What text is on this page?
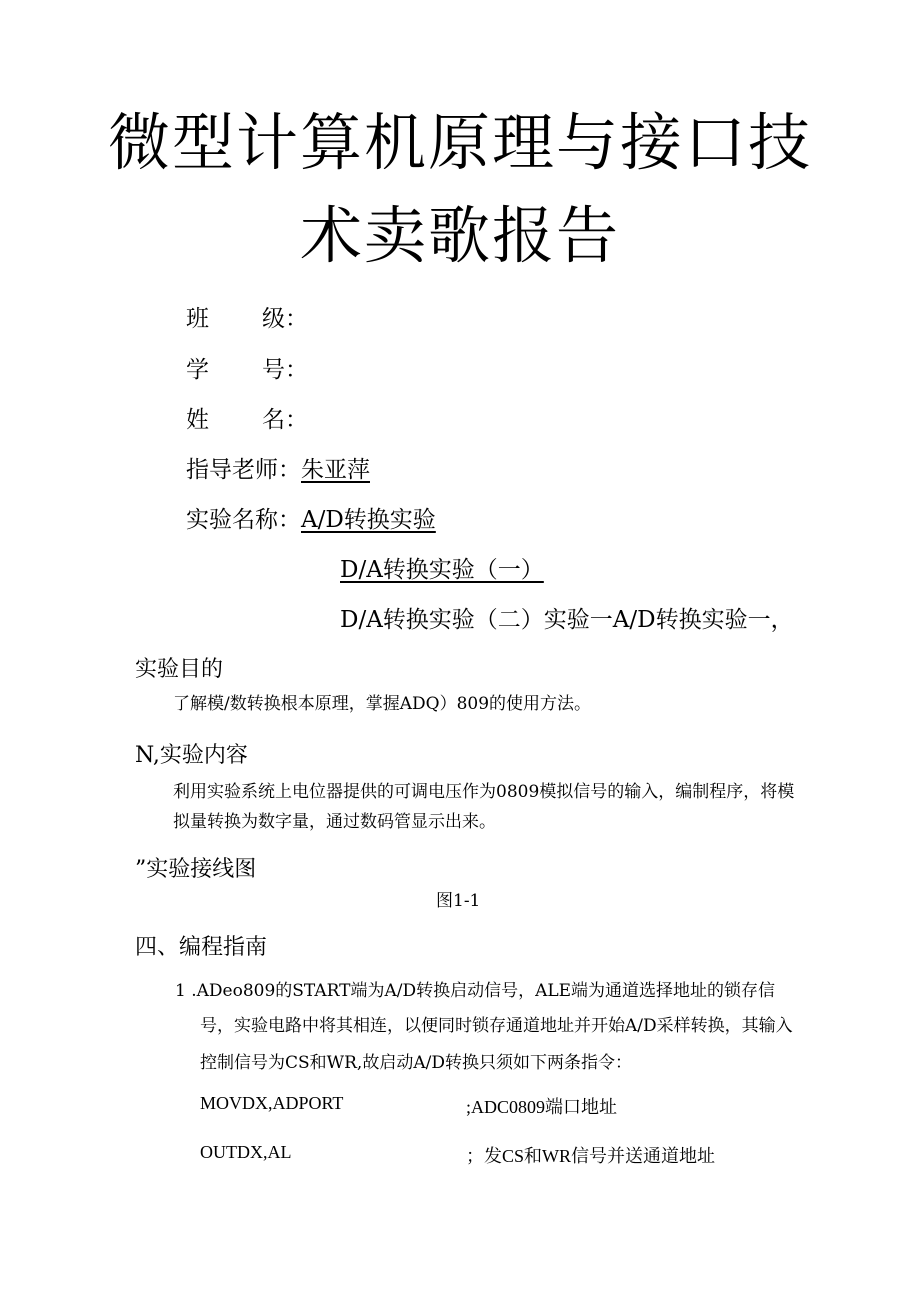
微型计算机原理与接口技
术卖歌报告
班 级：
学 号：
姓 名：
指导老师：朱亚萍
实验名称：A/D转换实验
D/A转换实验（一）
D/A转换实验（二）实验一A/D转换实验一，
实验目的
了解模/数转换根本原理，掌握ADQ）809的使用方法。
N,实验内容
利用实验系统上电位器提供的可调电压作为0809模拟信号的输入，编制程序，将模
拟量转换为数字量，通过数码管显示出来。
”实验接线图
图1-1
四、编程指南
1 .ADeo809的START端为A/D转换启动信号，ALE端为通道选择地址的锁存信
号，实验电路中将其相连，以便同时锁存通道地址并开始A/D采样转换，其输入
控制信号为CS和WR,故启动A/D转换只须如下两条指令：
MOVDX,ADPORT	;ADC0809端口地址
OUTDX,AL	；发CS和WR信号并送通道地址
